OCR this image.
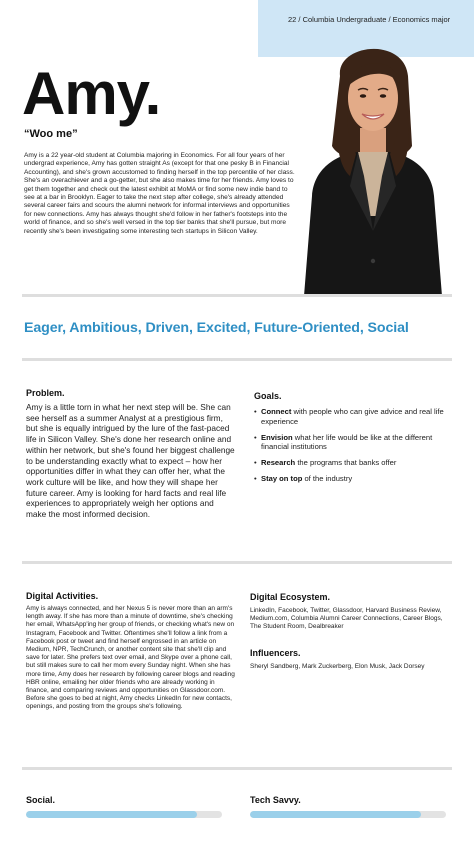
22 / Columbia Undergraduate / Economics major
Amy.
“Woo me”
Amy is a 22 year-old student at Columbia majoring in Economics. For all four years of her undergrad experience, Amy has gotten straight As (except for that one pesky B in Financial Accounting), and she's grown accustomed to finding herself in the top percentile of her class. She's an overachiever and a go-getter, but she also makes time for her friends. Amy loves to get them together and check out the latest exhibit at MoMA or find some new indie band to see at a bar in Brooklyn. Eager to take the next step after college, she's already attended several career fairs and scours the alumni network for informal interviews and opportunities for new connections. Amy has always thought she'd follow in her father's footsteps into the world of finance, and so she's well versed in the top tier banks that she'll pursue, but more recently she's been investigating some interesting tech startups in Silicon Valley.
Eager, Ambitious, Driven, Excited, Future-Oriented, Social
Problem.
Amy is a little torn in what her next step will be. She can see herself as a summer Analyst at a prestigious firm, but she is equally intrigued by the lure of the fast-paced life in Silicon Valley. She's done her research online and within her network, but she's found her biggest challenge to be understanding exactly what to expect – how her opportunities differ in what they can offer her, what the work culture will be like, and how they will shape her future career. Amy is looking for hard facts and real life experiences to appropriately weigh her options and make the most informed decision.
Goals.
• Connect with people who can give advice and real life experience
• Envision what her life would be like at the different financial institutions
• Research the programs that banks offer
• Stay on top of the industry
Digital Activities.
Amy is always connected, and her Nexus 5 is never more than an arm's length away. If she has more than a minute of downtime, she's checking her email, WhatsApp'ing her group of friends, or checking what's new on Instagram, Facebook and Twitter. Oftentimes she'll follow a link from a Facebook post or tweet and find herself engrossed in an article on Medium, NPR, TechCrunch, or another content site that she'll clip and save for later. She prefers text over email, and Skype over a phone call, but still makes sure to call her mom every Sunday night. When she has more time, Amy does her research by following career blogs and reading HBR online, emailing her older friends who are already working in finance, and comparing reviews and opportunities on Glassdoor.com. Before she goes to bed at night, Amy checks LinkedIn for new contacts, openings, and posting from the groups she's following.
Digital Ecosystem.
LinkedIn, Facebook, Twitter, Glassdoor, Harvard Business Review, Medium.com, Columbia Alumni Career Connections, Career Blogs, The Student Room, Dealbreaker
Influencers.
Sheryl Sandberg, Mark Zuckerberg, Elon Musk, Jack Dorsey
Social.	Tech Savvy.
